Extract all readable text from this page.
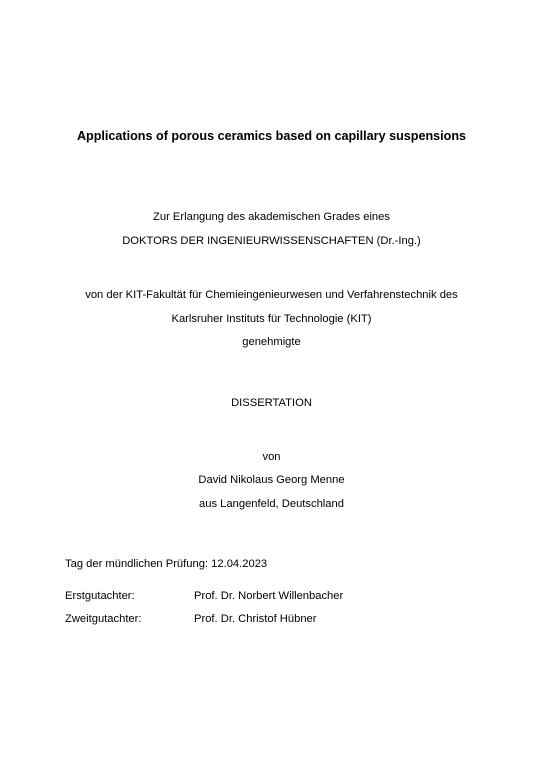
Applications of porous ceramics based on capillary suspensions
Zur Erlangung des akademischen Grades eines
DOKTORS DER INGENIEURWISSENSCHAFTEN (Dr.-Ing.)
von der KIT-Fakultät für Chemieingenieurwesen und Verfahrenstechnik des
Karlsruher Instituts für Technologie (KIT)
genehmigte
DISSERTATION
von
David Nikolaus Georg Menne
aus Langenfeld, Deutschland
Tag der mündlichen Prüfung: 12.04.2023
Erstgutachter:	Prof. Dr. Norbert Willenbacher
Zweitgutachter:	Prof. Dr. Christof Hübner
